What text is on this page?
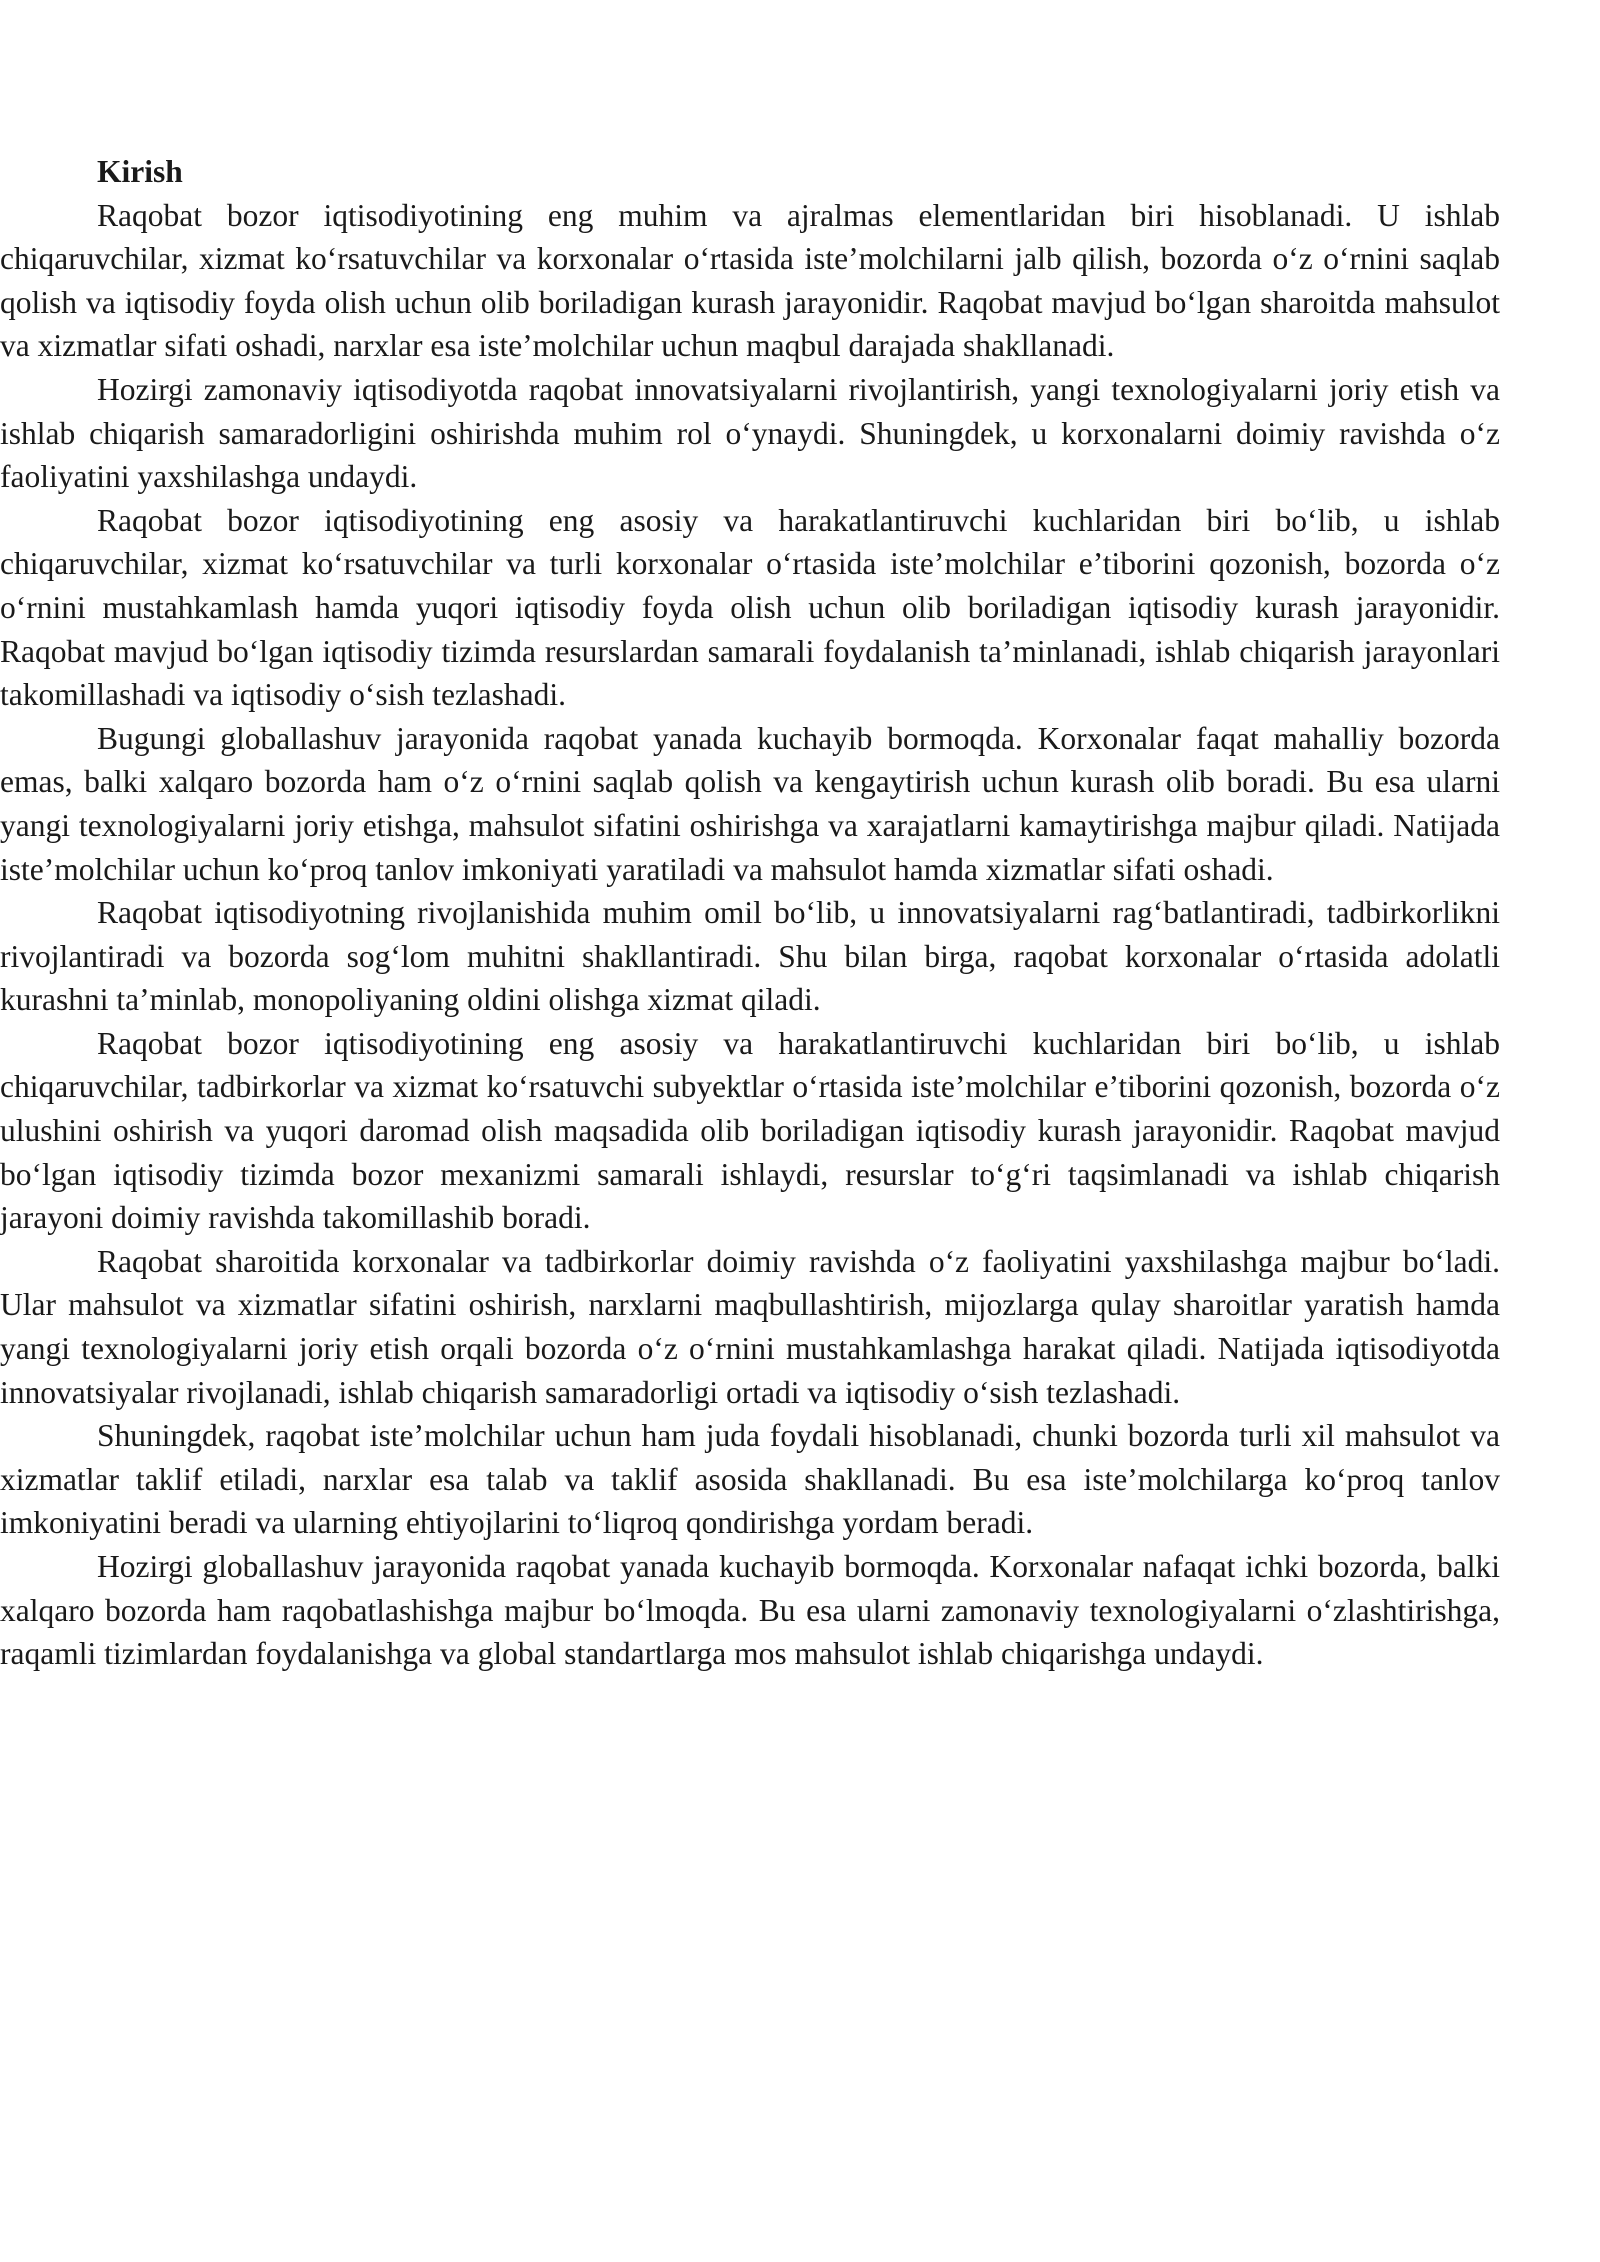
Kirish

Raqobat bozor iqtisodiyotining eng muhim va ajralmas elementlaridan biri hisoblanadi. U ishlab chiqaruvchilar, xizmat ko‘rsatuvchilar va korxonalar o‘rtasida iste’molchilarni jalb qilish, bozorda o‘z o‘rnini saqlab qolish va iqtisodiy foyda olish uchun olib boriladigan kurash jarayonidir. Raqobat mavjud bo‘lgan sharoitda mahsulot va xizmatlar sifati oshadi, narxlar esa iste’molchilar uchun maqbul darajada shakllanadi.

Hozirgi zamonaviy iqtisodiyotda raqobat innovatsiyalarni rivojlantirish, yangi texnologiyalarni joriy etish va ishlab chiqarish samaradorligini oshirishda muhim rol o‘ynaydi. Shuningdek, u korxonalarni doimiy ravishda o‘z faoliyatini yaxshilashga undaydi.

Raqobat bozor iqtisodiyotining eng asosiy va harakatlantiruvchi kuchlaridan biri bo‘lib, u ishlab chiqaruvchilar, xizmat ko‘rsatuvchilar va turli korxonalar o‘rtasida iste’molchilar e’tiborini qozonish, bozorda o‘z o‘rnini mustahkamlash hamda yuqori iqtisodiy foyda olish uchun olib boriladigan iqtisodiy kurash jarayonidir. Raqobat mavjud bo‘lgan iqtisodiy tizimda resurslardan samarali foydalanish ta’minlanadi, ishlab chiqarish jarayonlari takomillashadi va iqtisodiy o‘sish tezlashadi.

Bugungi globallashuv jarayonida raqobat yanada kuchayib bormoqda. Korxonalar faqat mahalliy bozorda emas, balki xalqaro bozorda ham o‘z o‘rnini saqlab qolish va kengaytirish uchun kurash olib boradi. Bu esa ularni yangi texnologiyalarni joriy etishga, mahsulot sifatini oshirishga va xarajatlarni kamaytirishga majbur qiladi. Natijada iste’molchilar uchun ko‘proq tanlov imkoniyati yaratiladi va mahsulot hamda xizmatlar sifati oshadi.

Raqobat iqtisodiyotning rivojlanishida muhim omil bo‘lib, u innovatsiyalarni rag‘batlantiradi, tadbirkorlikni rivojlantiradi va bozorda sog‘lom muhitni shakllantiradi. Shu bilan birga, raqobat korxonalar o‘rtasida adolatli kurashni ta’minlab, monopoliyaning oldini olishga xizmat qiladi.

Raqobat bozor iqtisodiyotining eng asosiy va harakatlantiruvchi kuchlaridan biri bo‘lib, u ishlab chiqaruvchilar, tadbirkorlar va xizmat ko‘rsatuvchi subyektlar o‘rtasida iste’molchilar e’tiborini qozonish, bozorda o‘z ulushini oshirish va yuqori daromad olish maqsadida olib boriladigan iqtisodiy kurash jarayonidir. Raqobat mavjud bo‘lgan iqtisodiy tizimda bozor mexanizmi samarali ishlaydi, resurslar to‘g‘ri taqsimlanadi va ishlab chiqarish jarayoni doimiy ravishda takomillashib boradi.

Raqobat sharoitida korxonalar va tadbirkorlar doimiy ravishda o‘z faoliyatini yaxshilashga majbur bo‘ladi. Ular mahsulot va xizmatlar sifatini oshirish, narxlarni maqbullashtirish, mijozlarga qulay sharoitlar yaratish hamda yangi texnologiyalarni joriy etish orqali bozorda o‘z o‘rnini mustahkamlashga harakat qiladi. Natijada iqtisodiyotda innovatsiyalar rivojlanadi, ishlab chiqarish samaradorligi ortadi va iqtisodiy o‘sish tezlashadi.

Shuningdek, raqobat iste’molchilar uchun ham juda foydali hisoblanadi, chunki bozorda turli xil mahsulot va xizmatlar taklif etiladi, narxlar esa talab va taklif asosida shakllanadi. Bu esa iste’molchilarga ko‘proq tanlov imkoniyatini beradi va ularning ehtiyojlarini to‘liqroq qondirishga yordam beradi.

Hozirgi globallashuv jarayonida raqobat yanada kuchayib bormoqda. Korxonalar nafaqat ichki bozorda, balki xalqaro bozorda ham raqobatlashishga majbur bo‘lmoqda. Bu esa ularni zamonaviy texnologiyalarni o‘zlashtirishga, raqamli tizimlardan foydalanishga va global standartlarga mos mahsulot ishlab chiqarishga undaydi.
